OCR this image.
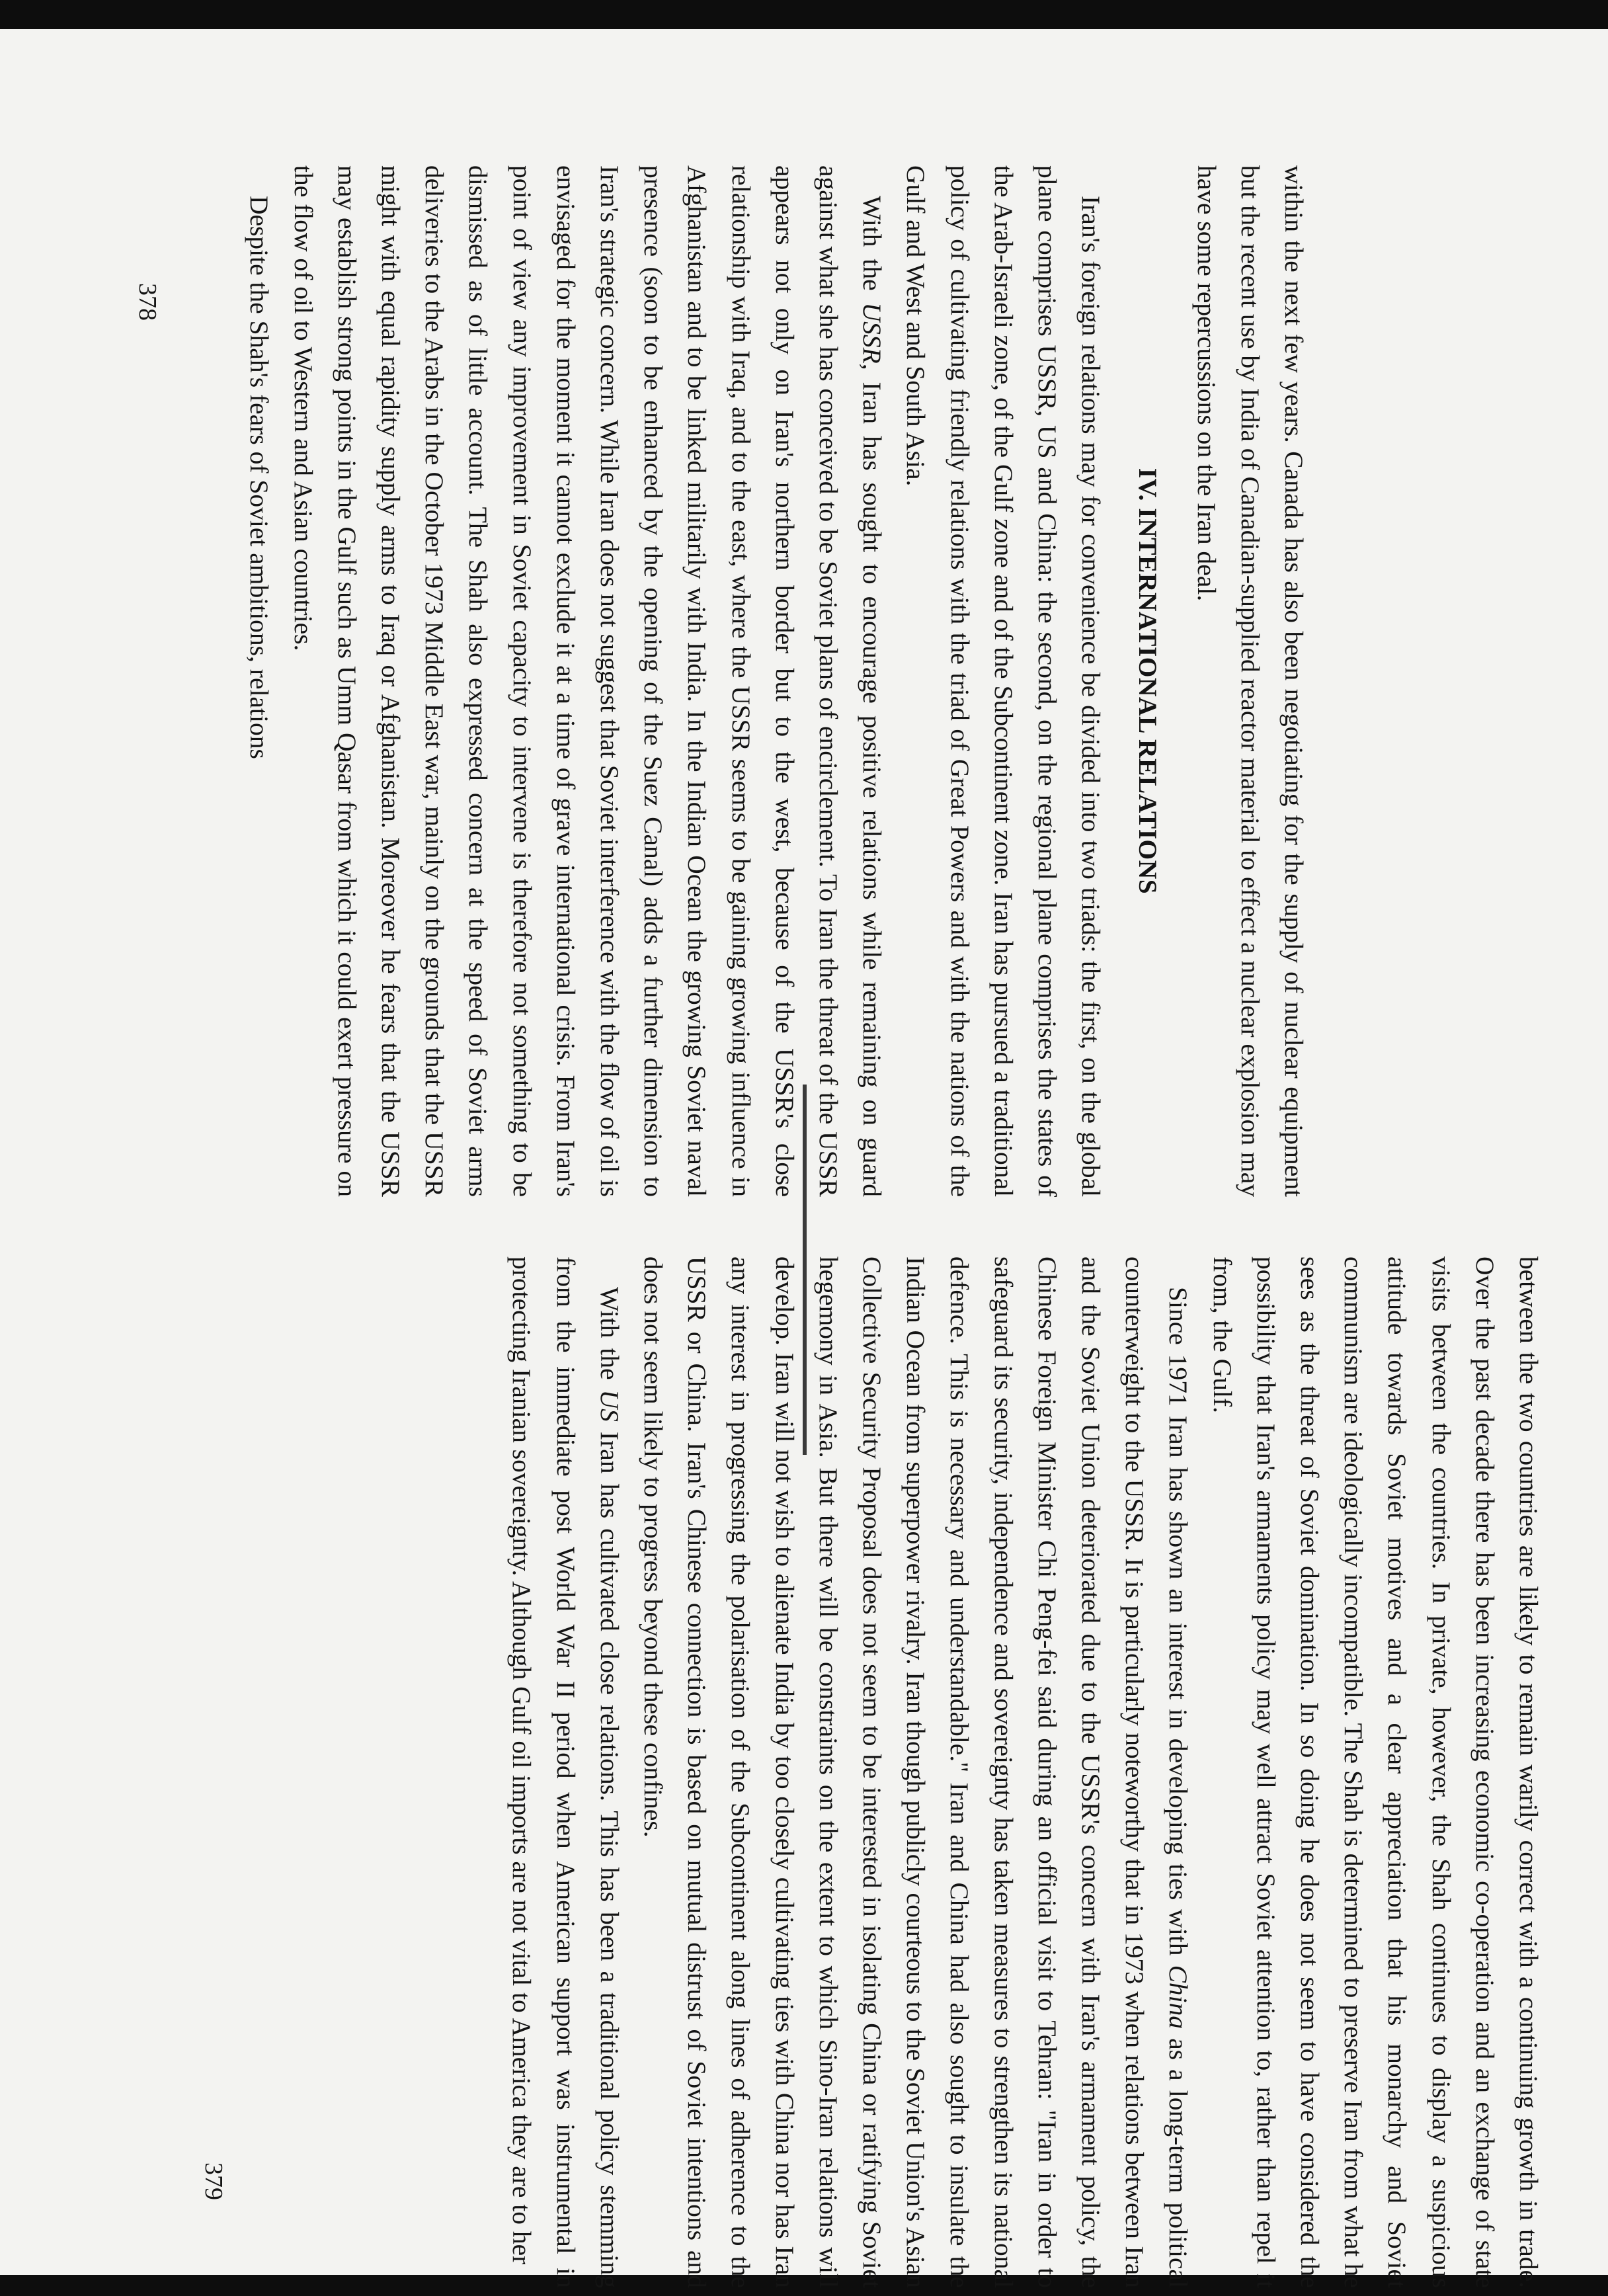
within the next few years. Canada has also been negotiating for the supply of nuclear equipment but the recent use by India of Canadian-supplied reactor material to effect a nuclear explosion may have some repercussions on the Iran deal.

IV. INTERNATIONAL RELATIONS

Iran's foreign relations may for convenience be divided into two triads: the first, on the global plane comprises USSR, US and China: the second, on the regional plane comprises the states of the Arab-Israeli zone, of the Gulf zone and of the Subcontinent zone. Iran has pursued a traditional policy of cultivating friendly relations with the triad of Great Powers and with the nations of the Gulf and West and South Asia.

With the USSR, Iran has sought to encourage positive relations while remaining on guard against what she has conceived to be Soviet plans of encirclement. To Iran the threat of the USSR appears not only on Iran's northern border but to the west, because of the USSR's close relationship with Iraq, and to the east, where the USSR seems to be gaining growing influence in Afghanistan and to be linked militarily with India. In the Indian Ocean the growing Soviet naval presence (soon to be enhanced by the opening of the Suez Canal) adds a further dimension to Iran's strategic concern. While Iran does not suggest that Soviet interference with the flow of oil is envisaged for the moment it cannot exclude it at a time of grave international crisis. From Iran's point of view any improvement in Soviet capacity to intervene is therefore not something to be dismissed as of little account. The Shah also expressed concern at the speed of Soviet arms deliveries to the Arabs in the October 1973 Middle East war, mainly on the grounds that the USSR might with equal rapidity supply arms to Iraq or Afghanistan. Moreover he fears that the USSR may establish strong points in the Gulf such as Umm Qasar from which it could exert pressure on the flow of oil to Western and Asian countries.

Despite the Shah's fears of Soviet ambitions, relations

378

between the two countries are likely to remain warily correct with a continuing growth in trade. Over the past decade there has been increasing economic co-operation and an exchange of state visits between the countries. In private, however, the Shah continues to display a suspicious attitude towards Soviet motives and a clear appreciation that his monarchy and Soviet communism are ideologically incompatible. The Shah is determined to preserve Iran from what he sees as the threat of Soviet domination. In so doing he does not seem to have considered the possibility that Iran's armaments policy may well attract Soviet attention to, rather than repel it from, the Gulf.

Since 1971 Iran has shown an interest in developing ties with China as a long-term political counterweight to the USSR. It is particularly noteworthy that in 1973 when relations between Iran and the Soviet Union deteriorated due to the USSR's concern with Iran's armament policy, the Chinese Foreign Minister Chi Peng-fei said during an official visit to Tehran: "Iran in order to safeguard its security, independence and sovereignty has taken measures to strengthen its national defence. This is necessary and understandable." Iran and China had also sought to insulate the Indian Ocean from superpower rivalry. Iran though publicly courteous to the Soviet Union's Asian Collective Security Proposal does not seem to be interested in isolating China or ratifying Soviet hegemony in Asia. But there will be constraints on the extent to which Sino-Iran relations will develop. Iran will not wish to alienate India by too closely cultivating ties with China nor has Iran any interest in progressing the polarisation of the Subcontinent along lines of adherence to the USSR or China. Iran's Chinese connection is based on mutual distrust of Soviet intentions and does not seem likely to progress beyond these confines.

With the US Iran has cultivated close relations. This has been a traditional policy stemming from the immediate post World War II period when American support was instrumental in protecting Iranian sovereignty. Although Gulf oil imports are not vital to America they are to her

379
